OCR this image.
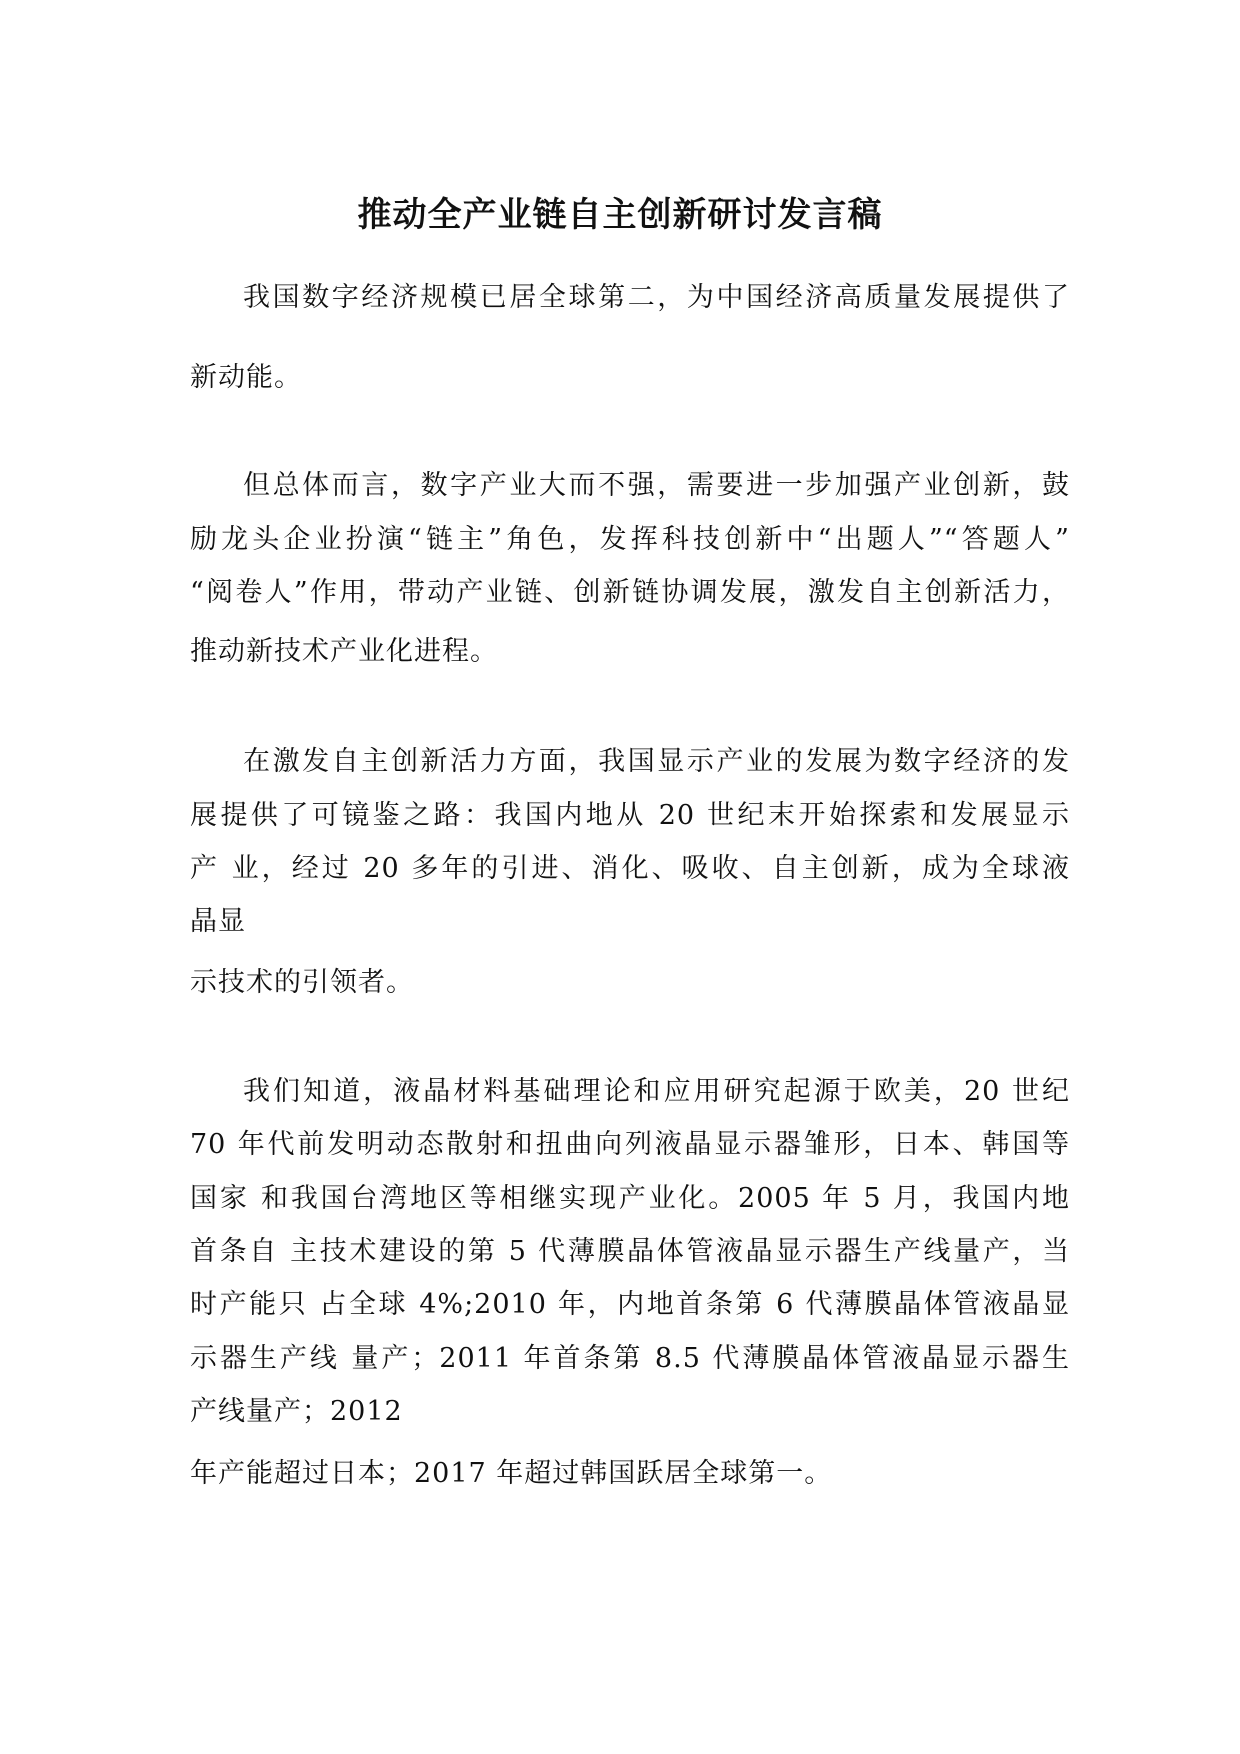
推动全产业链自主创新研讨发言稿
我国数字经济规模已居全球第二，为中国经济高质量发展提供了
新动能。
但总体而言，数字产业大而不强，需要进一步加强产业创新，鼓
励龙头企业扮演“链主”角色，发挥科技创新中“出题人”“答题人”
“阅卷人”作用，带动产业链、创新链协调发展，激发自主创新活力，
推动新技术产业化进程。
在激发自主创新活力方面，我国显示产业的发展为数字经济的发
展提供了可镜鉴之路：我国内地从 20 世纪末开始探索和发展显示
产 业，经过 20 多年的引进、消化、吸收、自主创新，成为全球液
晶显
示技术的引领者。
我们知道，液晶材料基础理论和应用研究起源于欧美，20 世纪
70 年代前发明动态散射和扭曲向列液晶显示器雏形，日本、韩国等
国家 和我国台湾地区等相继实现产业化。2005 年 5 月，我国内地
首条自 主技术建设的第 5 代薄膜晶体管液晶显示器生产线量产，当
时产能只 占全球 4%;2010 年，内地首条第 6 代薄膜晶体管液晶显
示器生产线 量产；2011 年首条第 8.5 代薄膜晶体管液晶显示器生
产线量产；2012
年产能超过日本；2017 年超过韩国跃居全球第一。
